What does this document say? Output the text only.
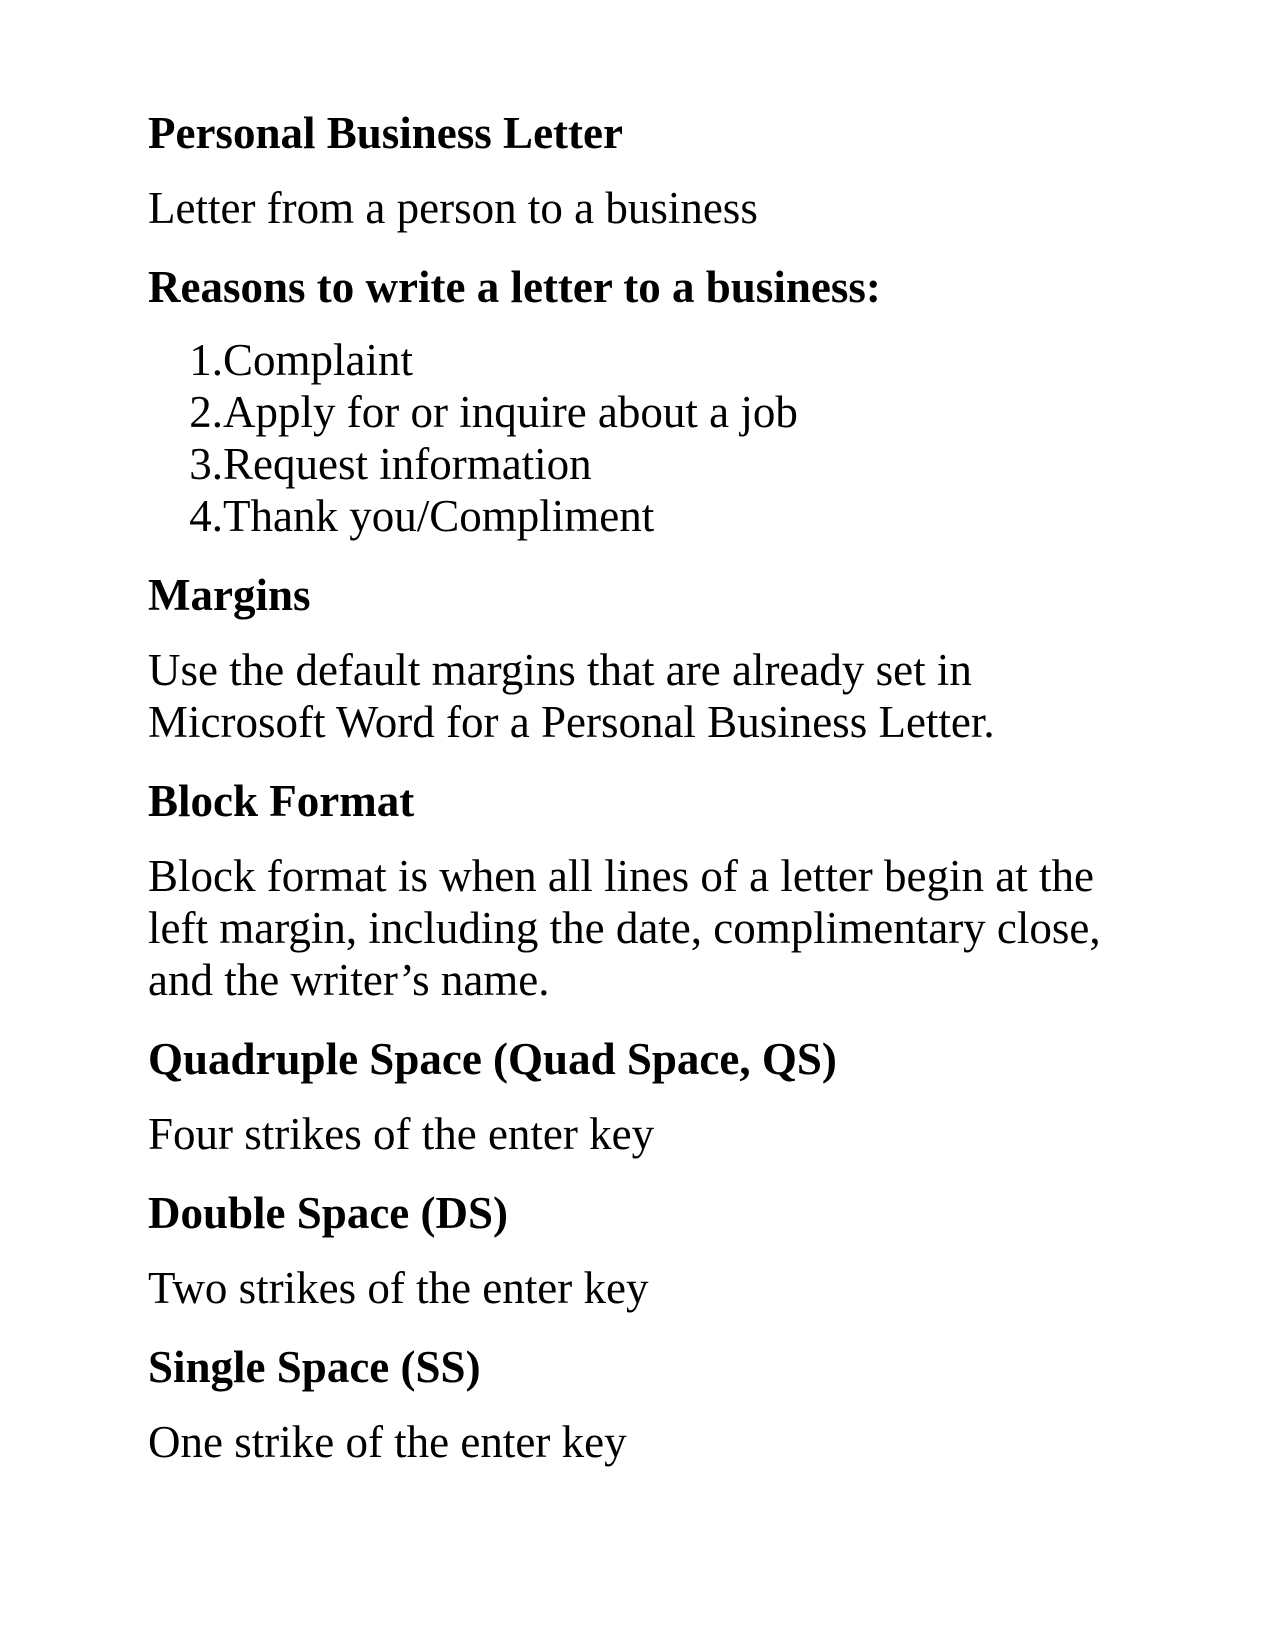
Personal Business Letter
Letter from a person to a business
Reasons to write a letter to a business:
1. Complaint
2. Apply for or inquire about a job
3. Request information
4. Thank you/Compliment
Margins
Use the default margins that are already set in
Microsoft Word for a Personal Business Letter.
Block Format
Block format is when all lines of a letter begin at the
left margin, including the date, complimentary close,
and the writer’s name.
Quadruple Space (Quad Space, QS)
Four strikes of the enter key
Double Space (DS)
Two strikes of the enter key
Single Space (SS)
One strike of the enter key
